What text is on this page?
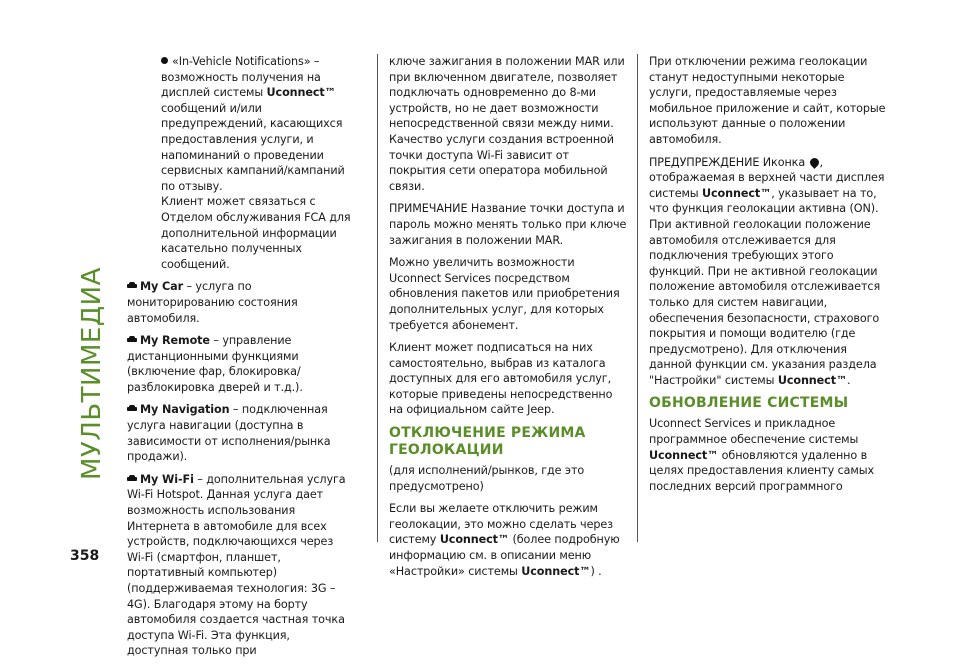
МУЛЬТИМЕДИА
358

«In-Vehicle Notifications» – возможность получения на дисплей системы Uconnect™ сообщений и/или предупреждений, касающихся предоставления услуги, и напоминаний о проведении сервисных кампаний/кампаний по отзыву.
Клиент может связаться с Отделом обслуживания FCA для дополнительной информации касательно полученных сообщений.

My Car – услуга по мониторированию состояния автомобиля.

My Remote – управление дистанционными функциями (включение фар, блокировка/разблокировка дверей и т.д.).

My Navigation – подключенная услуга навигации (доступна в зависимости от исполнения/рынка продажи).

My Wi-Fi – дополнительная услуга Wi-Fi Hotspot. Данная услуга дает возможность использования Интернета в автомобиле для всех устройств, подключающихся через Wi-Fi (смартфон, планшет, портативный компьютер) (поддерживаемая технология: 3G – 4G). Благодаря этому на борту автомобиля создается частная точка доступа Wi-Fi. Эта функция, доступная только при

ключе зажигания в положении MAR или при включенном двигателе, позволяет подключать одновременно до 8-ми устройств, но не дает возможности непосредственной связи между ними. Качество услуги создания встроенной точки доступа Wi-Fi зависит от покрытия сети оператора мобильной связи.

ПРИМЕЧАНИЕ Название точки доступа и пароль можно менять только при ключе зажигания в положении MAR.

Можно увеличить возможности Uconnect Services посредством обновления пакетов или приобретения дополнительных услуг, для которых требуется абонемент.

Клиент может подписаться на них самостоятельно, выбрав из каталога доступных для его автомобиля услуг, которые приведены непосредственно на официальном сайте Jeep.

ОТКЛЮЧЕНИЕ РЕЖИМА ГЕОЛОКАЦИИ

(для исполнений/рынков, где это предусмотрено)

Если вы желаете отключить режим геолокации, это можно сделать через систему Uconnect™ (более подробную информацию см. в описании меню «Настройки» системы Uconnect™) .

При отключении режима геолокации станут недоступными некоторые услуги, предоставляемые через мобильное приложение и сайт, которые используют данные о положении автомобиля.

ПРЕДУПРЕЖДЕНИЕ Иконка , отображаемая в верхней части дисплея системы Uconnect™, указывает на то, что функция геолокации активна (ON). При активной геолокации положение автомобиля отслеживается для подключения требующих этого функций. При не активной геолокации положение автомобиля отслеживается только для систем навигации, обеспечения безопасности, страхового покрытия и помощи водителю (где предусмотрено). Для отключения данной функции см. указания раздела "Настройки" системы Uconnect™.

ОБНОВЛЕНИЕ СИСТЕМЫ

Uconnect Services и прикладное программное обеспечение системы Uconnect™ обновляются удаленно в целях предоставления клиенту самых последних версий программного
